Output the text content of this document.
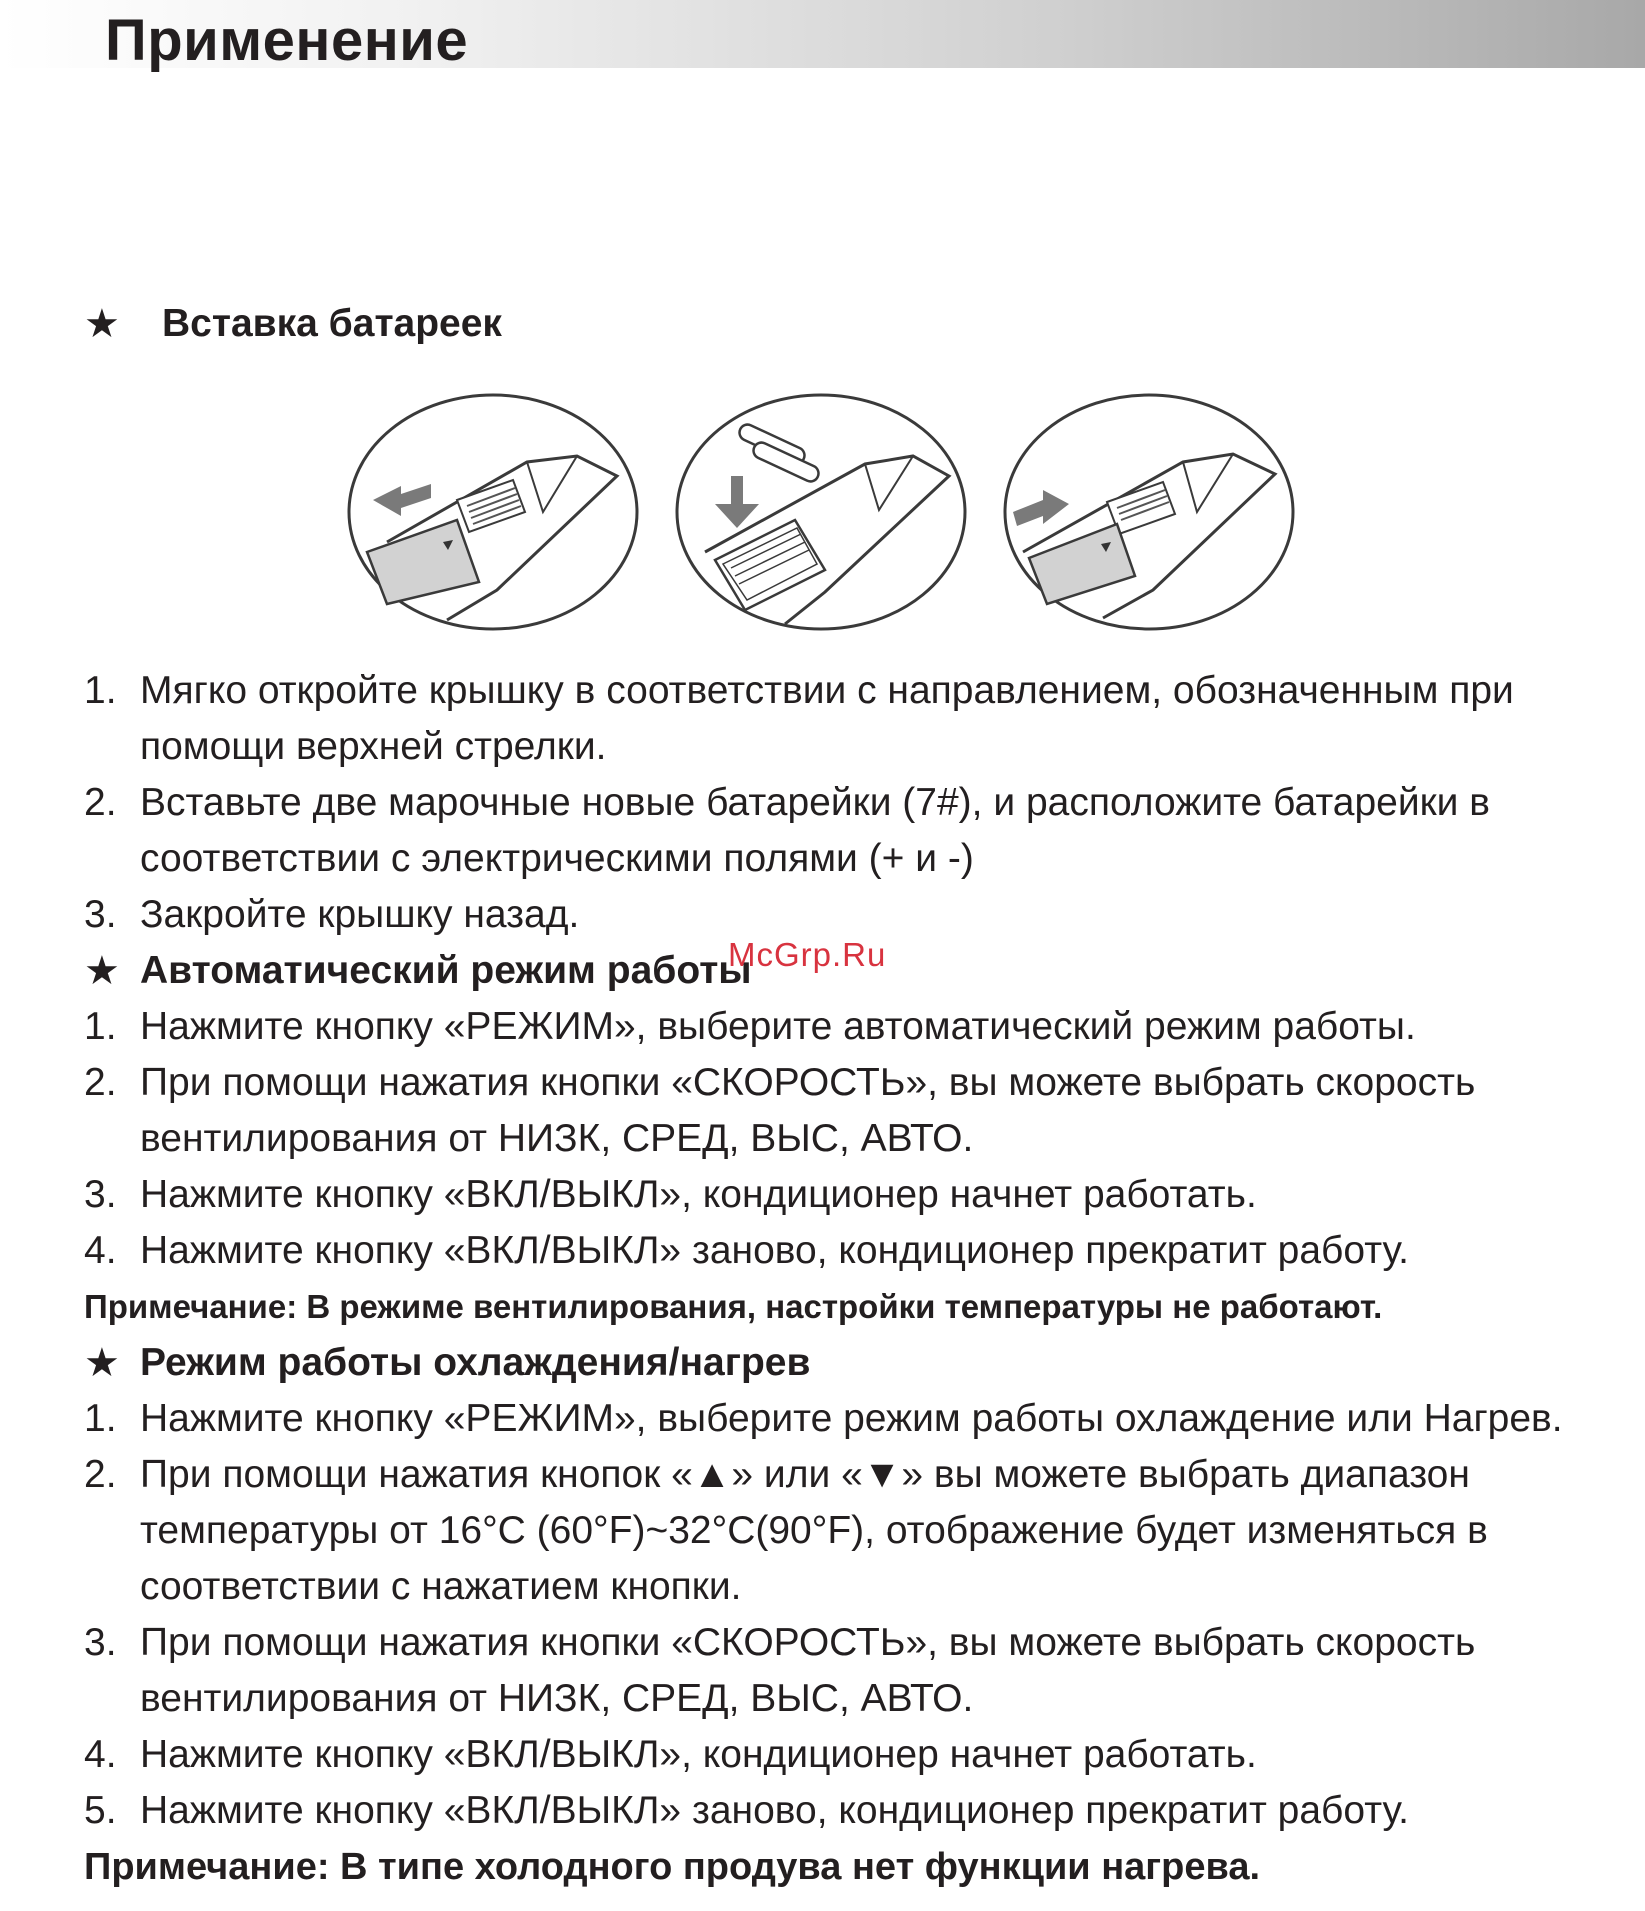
Применение
★	Вставка батареек
1. Мягко откройте крышку в соответствии с направлением, обозначенным при помощи верхней стрелки.
2. Вставьте две марочные новые батарейки (7#), и расположите батарейки в соответствии с электрическими полями (+ и -)
3. Закройте крышку назад.
★ Автоматический режим работы
1. Нажмите кнопку «РЕЖИМ», выберите автоматический режим работы.
2. При помощи нажатия кнопки «СКОРОСТЬ», вы можете выбрать скорость вентилирования от НИЗК, СРЕД, ВЫС, АВТО.
3. Нажмите кнопку «ВКЛ/ВЫКЛ», кондиционер начнет работать.
4. Нажмите кнопку «ВКЛ/ВЫКЛ» заново, кондиционер прекратит работу.
Примечание: В режиме вентилирования, настройки температуры не работают.
★ Режим работы охлаждения/нагрев
1. Нажмите кнопку «РЕЖИМ», выберите режим работы охлаждение или Нагрев.
2. При помощи нажатия кнопок «▲» или «▼» вы можете выбрать диапазон температуры от 16°C (60°F)~32°C(90°F), отображение будет изменяться в соответствии с нажатием кнопки.
3. При помощи нажатия кнопки «СКОРОСТЬ», вы можете выбрать скорость вентилирования от НИЗК, СРЕД, ВЫС, АВТО.
4. Нажмите кнопку «ВКЛ/ВЫКЛ», кондиционер начнет работать.
5. Нажмите кнопку «ВКЛ/ВЫКЛ» заново, кондиционер прекратит работу.
Примечание: В типе холодного продува нет функции нагрева.
McGrp.Ru
